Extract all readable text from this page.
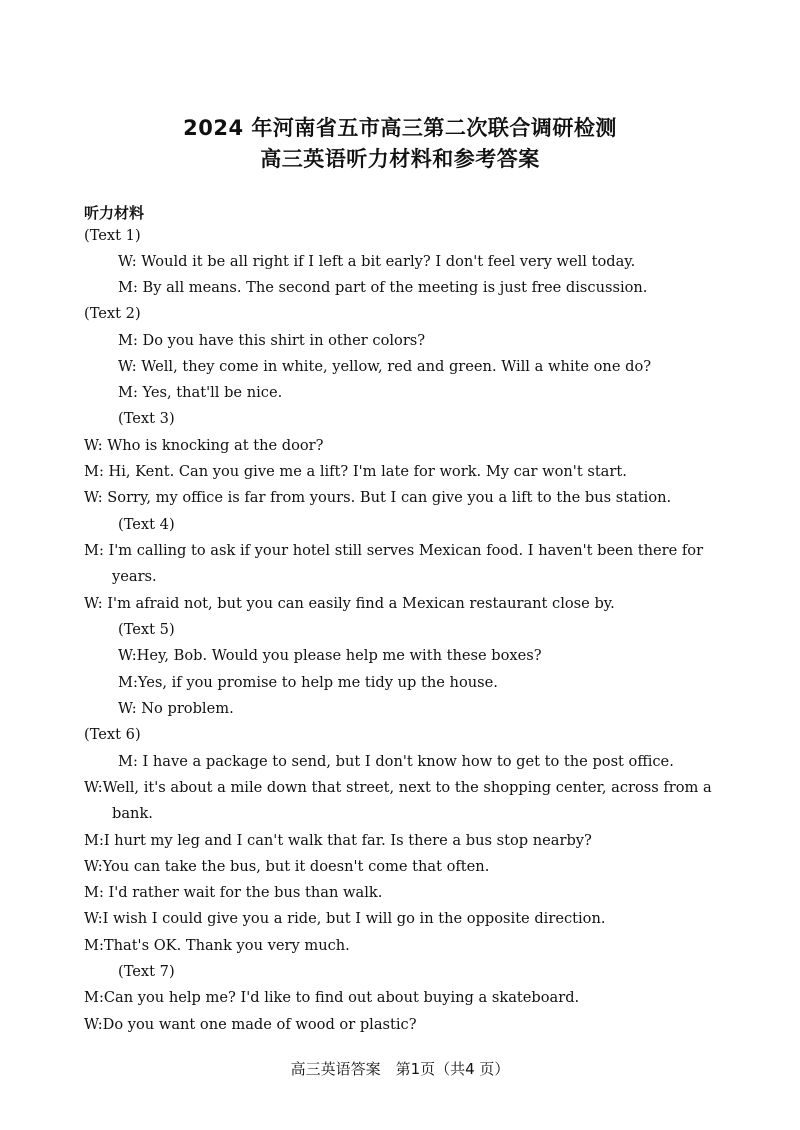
2024 年河南省五市高三第二次联合调研检测
高三英语听力材料和参考答案
听力材料
(Text 1)
W: Would it be all right if I left a bit early? I don't feel very well today.
M: By all means. The second part of the meeting is just free discussion.
(Text 2)
M: Do you have this shirt in other colors?
W: Well, they come in white, yellow, red and green. Will a white one do?
M: Yes, that'll be nice.
(Text 3)
W: Who is knocking at the door?
M: Hi, Kent. Can you give me a lift? I'm late for work. My car won't start.
W: Sorry, my office is far from yours. But I can give you a lift to the bus station.
(Text 4)
M: I'm calling to ask if your hotel still serves Mexican food. I haven't been there for
years.
W: I'm afraid not, but you can easily find a Mexican restaurant close by.
(Text 5)
W:Hey, Bob. Would you please help me with these boxes?
M:Yes, if you promise to help me tidy up the house.
W: No problem.
(Text 6)
M: I have a package to send, but I don't know how to get to the post office.
W:Well, it's about a mile down that street, next to the shopping center, across from a
bank.
M:I hurt my leg and I can't walk that far. Is there a bus stop nearby?
W:You can take the bus, but it doesn't come that often.
M: I'd rather wait for the bus than walk.
W:I wish I could give you a ride, but I will go in the opposite direction.
M:That's OK. Thank you very much.
(Text 7)
M:Can you help me? I'd like to find out about buying a skateboard.
W:Do you want one made of wood or plastic?
高三英语答案　第1页（共4 页）
